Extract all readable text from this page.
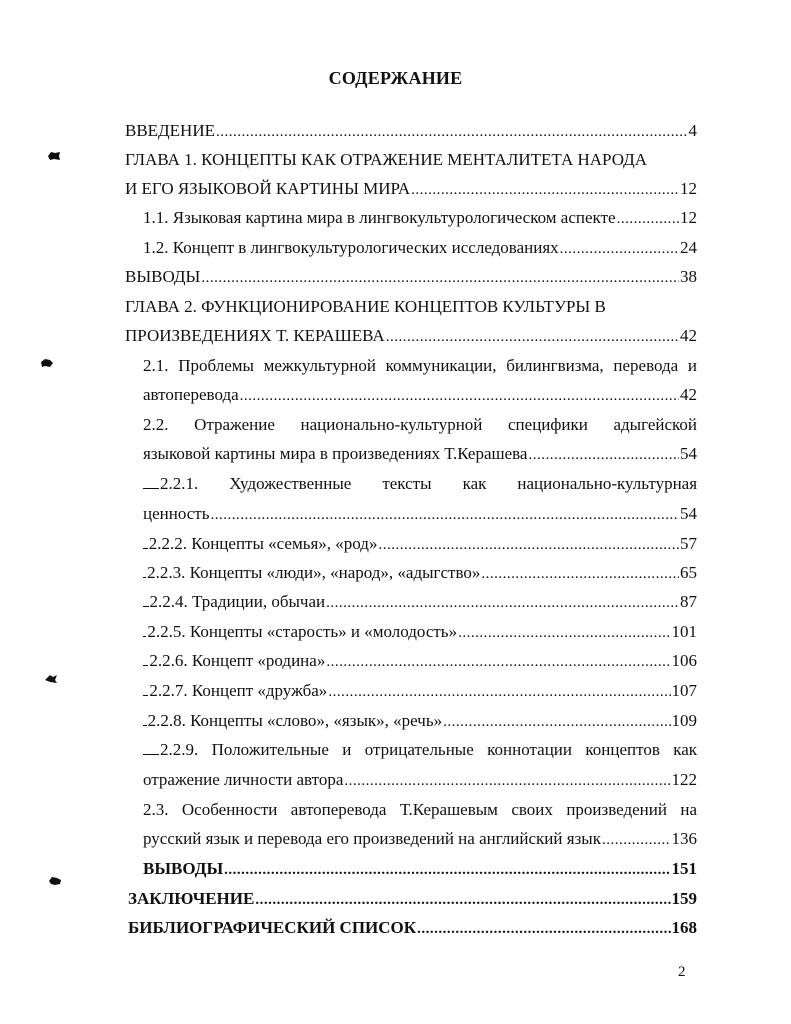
СОДЕРЖАНИЕ
ВВЕДЕНИЕ .....	4
ГЛАВА 1. КОНЦЕПТЫ КАК ОТРАЖЕНИЕ МЕНТАЛИТЕТА НАРОДА
И ЕГО ЯЗЫКОВОЙ КАРТИНЫ МИРА .....	12
1.1. Языковая картина мира в лингвокультурологическом аспекте .....	12
1.2. Концепт в лингвокультурологических исследованиях .....	24
ВЫВОДЫ .....	38
ГЛАВА 2. ФУНКЦИОНИРОВАНИЕ КОНЦЕПТОВ КУЛЬТУРЫ В
ПРОИЗВЕДЕНИЯХ Т. КЕРАШЕВА .....	42
2.1. Проблемы межкультурной коммуникации, билингвизма, перевода и
автоперевода .....	42
2.2. Отражение национально-культурной специфики адыгейской
языковой картины мира в произведениях Т.Керашева .....	54
2.2.1. Художественные тексты как национально-культурная
ценность .....	54
2.2.2. Концепты «семья», «род» .....	57
2.2.3. Концепты «люди», «народ», «адыгство» .....	65
2.2.4. Традиции, обычаи .....	87
2.2.5. Концепты «старость» и «молодость» .....	101
2.2.6. Концепт «родина» .....	106
2.2.7. Концепт «дружба» .....	107
2.2.8. Концепты «слово», «язык», «речь» .....	109
2.2.9. Положительные и отрицательные коннотации концептов как
отражение личности автора .....	122
2.3. Особенности автоперевода Т.Керашевым своих произведений на
русский язык и перевода его произведений на английский язык .....	136
ВЫВОДЫ .....	151
ЗАКЛЮЧЕНИЕ .....	159
БИБЛИОГРАФИЧЕСКИЙ СПИСОК .....	168
2
